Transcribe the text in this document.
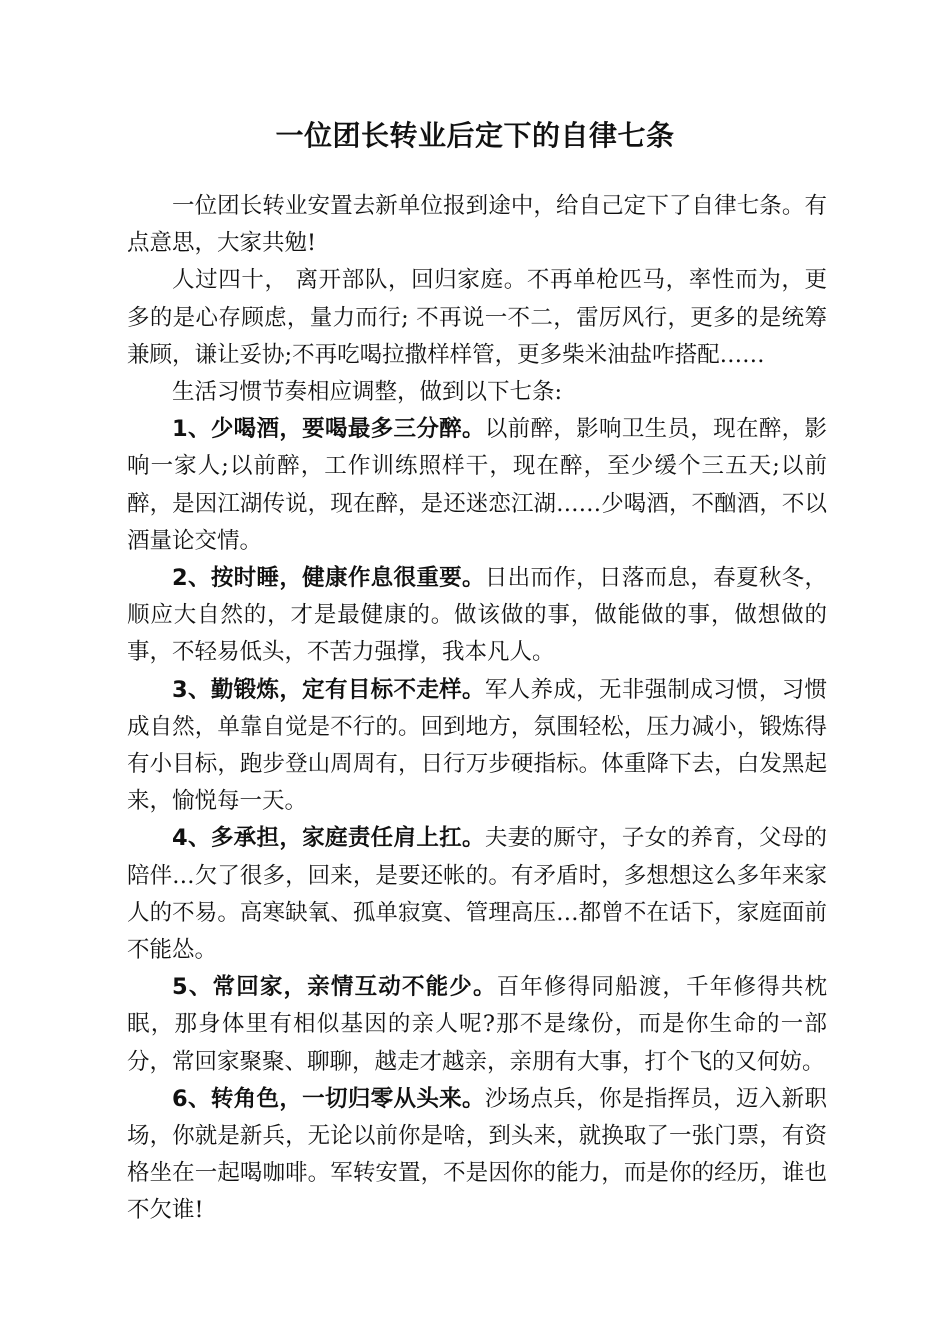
一位团长转业后定下的自律七条

一位团长转业安置去新单位报到途中，给自己定下了自律七条。有点意思，大家共勉!

人过四十， 离开部队，回归家庭。不再单枪匹马，率性而为，更多的是心存顾虑，量力而行; 不再说一不二，雷厉风行，更多的是统筹兼顾，谦让妥协;不再吃喝拉撒样样管，更多柴米油盐咋搭配……

生活习惯节奏相应调整，做到以下七条:

1、少喝酒，要喝最多三分醉。以前醉，影响卫生员，现在醉，影响一家人;以前醉，工作训练照样干，现在醉，至少缓个三五天;以前醉，是因江湖传说，现在醉，是还迷恋江湖……少喝酒，不酗酒，不以酒量论交情。

2、按时睡，健康作息很重要。日出而作，日落而息，春夏秋冬，顺应大自然的，才是最健康的。做该做的事，做能做的事，做想做的事，不轻易低头，不苦力强撑，我本凡人。

3、勤锻炼，定有目标不走样。军人养成，无非强制成习惯，习惯成自然，单靠自觉是不行的。回到地方，氛围轻松，压力减小，锻炼得有小目标，跑步登山周周有，日行万步硬指标。体重降下去，白发黑起来，愉悦每一天。

4、多承担，家庭责任肩上扛。夫妻的厮守，子女的养育，父母的陪伴…欠了很多，回来，是要还帐的。有矛盾时，多想想这么多年来家人的不易。高寒缺氧、孤单寂寞、管理高压…都曾不在话下，家庭面前不能怂。

5、常回家，亲情互动不能少。百年修得同船渡，千年修得共枕眠，那身体里有相似基因的亲人呢?那不是缘份，而是你生命的一部分，常回家聚聚、聊聊，越走才越亲，亲朋有大事，打个飞的又何妨。

6、转角色，一切归零从头来。沙场点兵，你是指挥员，迈入新职场，你就是新兵，无论以前你是啥，到头来，就换取了一张门票，有资格坐在一起喝咖啡。军转安置，不是因你的能力，而是你的经历，谁也不欠谁!
